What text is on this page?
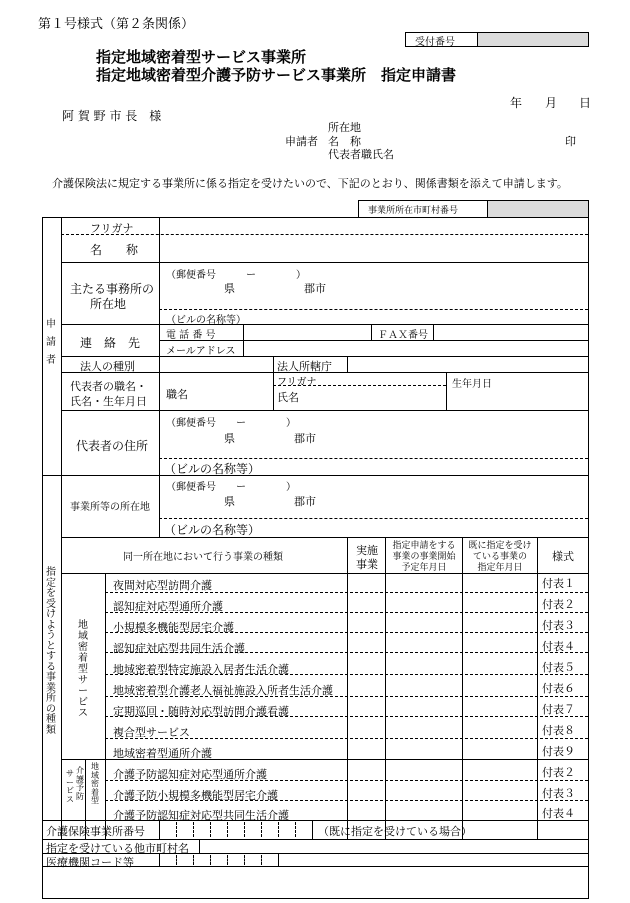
第１号様式（第２条関係）
受付番号
指定地域密着型サービス事業所
指定地域密着型介護予防サービス事業所　指定申請書
年 月 日
阿 賀 野 市 長　様
所在地
申請者 名　称	印
代表者職氏名
介護保険法に規定する事業所に係る指定を受けたいので、下記のとおり、関係書類を添えて申請します。
事業所所在市町村番号
申請者
フリガナ
名　　称
主たる事務所の
所在地
（郵便番号　　　ー　　　　）
県	郡市
（ビルの名称等）
連　絡　先
電 話 番 号	ＦＡＸ番号
メールアドレス
法人の種別	法人所轄庁
代表者の職名・
氏名・生年月日
職名
フリガナ
氏名
生年月日
代表者の住所
（郵便番号　　ー　　　　）
県	郡市
（ビルの名称等）
指定を受けようとする事業所の種類
事業所等の所在地
（郵便番号　　ー　　　　）
県	郡市
（ビルの名称等）
同一所在地において行う事業の種類
実施
事業
指定申請をする
事業の事業開始
予定年月日
既に指定を受け
ている事業の
指定年月日
様式
地域密着型サービス
サービス
介護予防
地域密着型
夜間対応型訪問介護	付表１
認知症対応型通所介護	付表２
小規模多機能型居宅介護	付表３
認知症対応型共同生活介護	付表４
地域密着型特定施設入居者生活介護	付表５
地域密着型介護老人福祉施設入所者生活介護	付表６
定期巡回・随時対応型訪問介護看護	付表７
複合型サービス	付表８
地域密着型通所介護	付表９
介護予防認知症対応型通所介護	付表２
介護予防小規模多機能型居宅介護	付表３
介護予防認知症対応型共同生活介護	付表４
介護保険事業所番号	（既に指定を受けている場合）
指定を受けている他市町村名
医療機関コード等
